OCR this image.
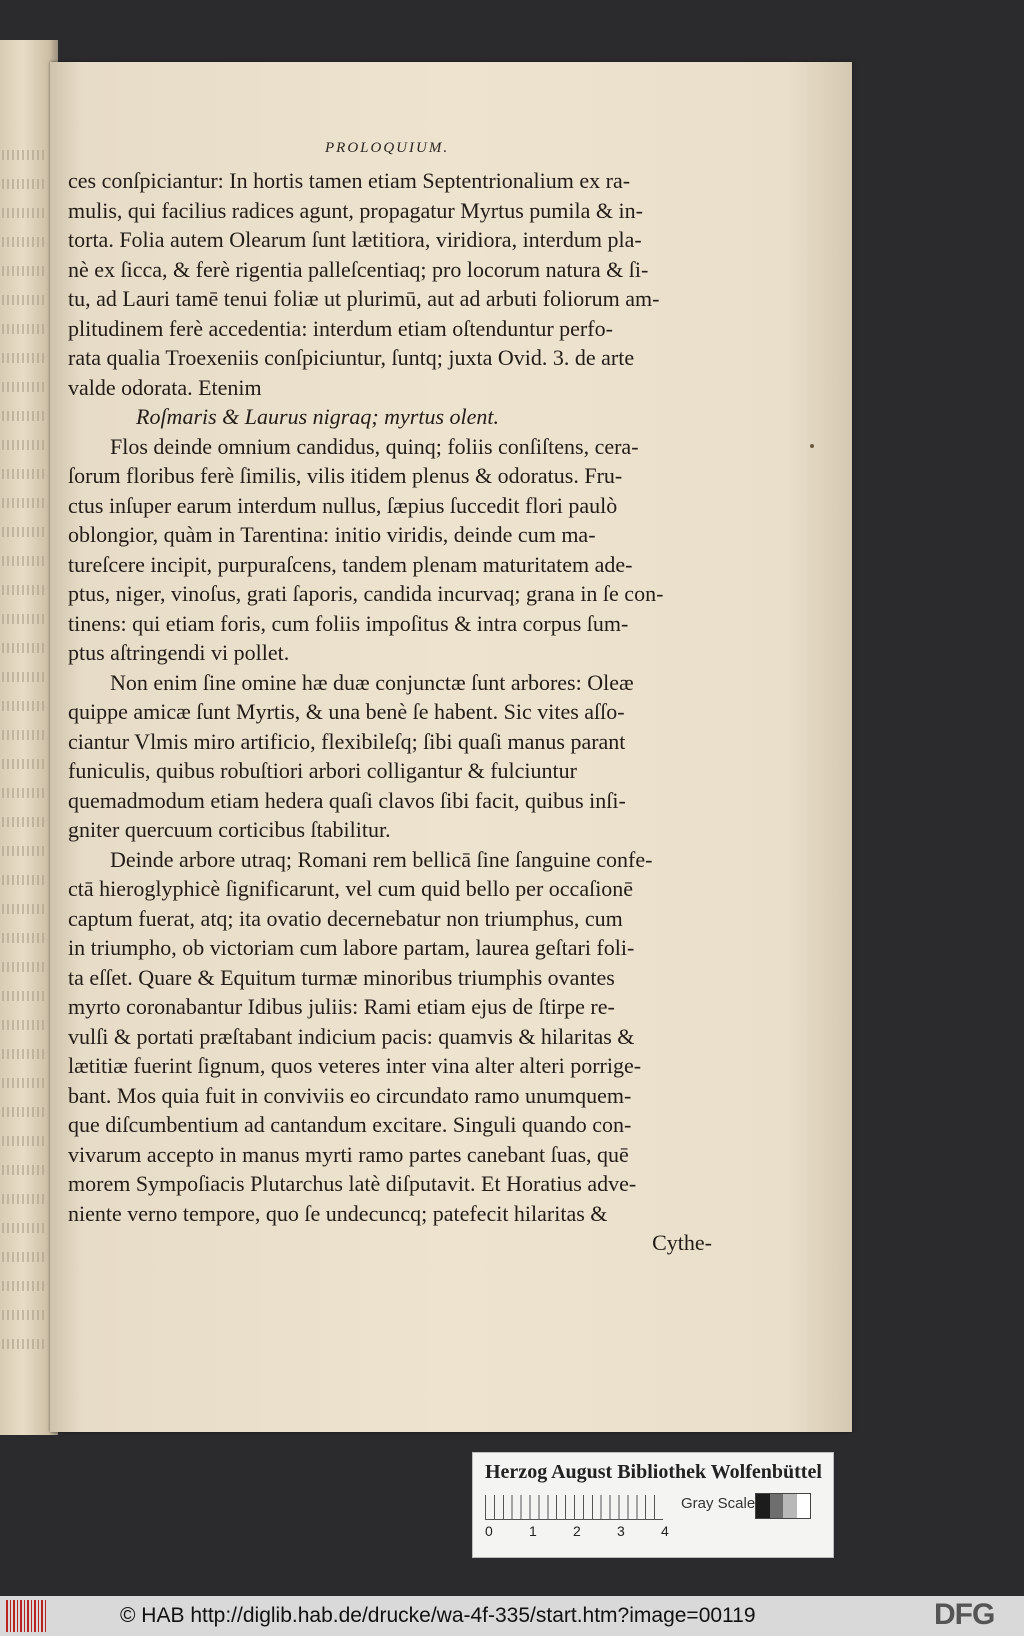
PROLOQUIUM.

ces conſpiciantur: In hortis tamen etiam Septentrionalium ex ra-
mulis, qui facilius radices agunt, propagatur Myrtus pumila & in-
torta. Folia autem Olearum ſunt lætitiora, viridiora, interdum pla-
nè ex ſicca, & ferè rigentia palleſcentiaq; pro locorum natura & ſi-
tu, ad Lauri tamē tenui foliæ ut plurimū, aut ad arbuti foliorum am-
plitudinem ferè accedentia: interdum etiam oſtenduntur perfo-
rata qualia Troexeniis conſpiciuntur, ſuntq; juxta Ovid. 3. de arte
valde odorata. Etenim
Roſmaris & Laurus nigraq; myrtus olent.
Flos deinde omnium candidus, quinq; foliis conſiſtens, cera-
ſorum floribus ferè ſimilis, vilis itidem plenus & odoratus. Fru-
ctus inſuper earum interdum nullus, ſæpius ſuccedit flori paulò
oblongior, quàm in Tarentina: initio viridis, deinde cum ma-
tureſcere incipit, purpuraſcens, tandem plenam maturitatem ade-
ptus, niger, vinoſus, grati ſaporis, candida incurvaq; grana in ſe con-
tinens: qui etiam foris, cum foliis impoſitus & intra corpus ſum-
ptus aſtringendi vi pollet.
Non enim ſine omine hæ duæ conjunctæ ſunt arbores: Oleæ
quippe amicæ ſunt Myrtis, & una benè ſe habent. Sic vites aſſo-
ciantur Vlmis miro artificio, flexibileſq; ſibi quaſi manus parant
funiculis, quibus robuſtiori arbori colligantur & fulciuntur
quemadmodum etiam hedera quaſi clavos ſibi facit, quibus inſi-
gniter quercuum corticibus ſtabilitur.
Deinde arbore utraq; Romani rem bellicā ſine ſanguine confe-
ctā hieroglyphicè ſignificarunt, vel cum quid bello per occaſionē
captum fuerat, atq; ita ovatio decernebatur non triumphus, cum
in triumpho, ob victoriam cum labore partam, laurea geſtari foli-
ta eſſet. Quare & Equitum turmæ minoribus triumphis ovantes
myrto coronabantur Idibus juliis: Rami etiam ejus de ſtirpe re-
vulſi & portati præſtabant indicium pacis: quamvis & hilaritas &
lætitiæ fuerint ſignum, quos veteres inter vina alter alteri porrige-
bant. Mos quia fuit in conviviis eo circundato ramo unumquem-
que diſcumbentium ad cantandum excitare. Singuli quando con-
vivarum accepto in manus myrti ramo partes canebant ſuas, quē
morem Sympoſiacis Plutarchus latè diſputavit. Et Horatius adve-
niente verno tempore, quo ſe undecuncq; patefecit hilaritas &
Cythe-

Herzog August Bibliothek Wolfenbüttel

0	1	2	3	4
Gray Scale
© HAB http://diglib.hab.de/drucke/wa-4f-335/start.htm?image=00119	DFG
